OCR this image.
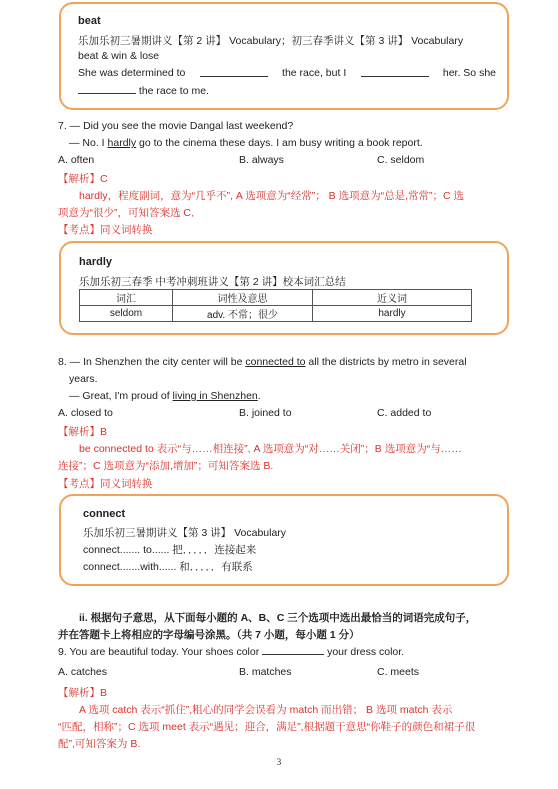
beat
乐加乐初三暑期讲义【第 2 讲】 Vocabulary；初三春季讲义【第 3 讲】 Vocabulary
beat & win & lose
She was determined to	the race, but I	her. So she
the race to me.
7. — Did you see the movie Dangal last weekend?
— No. I hardly go to the cinema these days. I am busy writing a book report.
A. often	B. always	C. seldom
【解析】C
hardly，程度副词，意为“几乎不”, A 选项意为“经常”； B 选项意为“总是,常常”；C 选
项意为“很少”，可知答案选 C．
【考点】同义词转换
hardly
乐加乐初三春季 中考冲刺班讲义【第 2 讲】校本词汇总结
词汇	词性及意思	近义词
seldom	adv. 不常；很少	hardly
8. — In Shenzhen the city center will be connected to all the districts by metro in several
years.
— Great, I'm proud of living in Shenzhen.
A. closed to	B. joined to	C. added to
【解析】B
be connected to 表示“与……相连接”, A 选项意为“对……关闭”；B 选项意为“与……
连接”；C 选项意为“添加,增加”；可知答案选 B.
【考点】同义词转换
connect
乐加乐初三暑期讲义【第 3 讲】 Vocabulary
connect....... to...... 把．．．．．连接起来
connect.......with...... 和．．．．．有联系
ii. 根据句子意思，从下面每小题的 A、B、C 三个选项中选出最恰当的词语完成句子，
并在答题卡上将相应的字母编号涂黑。（共 7 小题，每小题 1 分）
9. You are beautiful today. Your shoes color	your dress color.
A. catches	B. matches	C. meets
【解析】B
A 选项 catch 表示“抓住”,粗心的同学会误看为 match 而出错； B 选项 match 表示
“匹配，相称”；C 选项 meet 表示“遇见；迎合，满足”,根据题干意思“你鞋子的颜色和裙子很
配”,可知答案为 B.
3
